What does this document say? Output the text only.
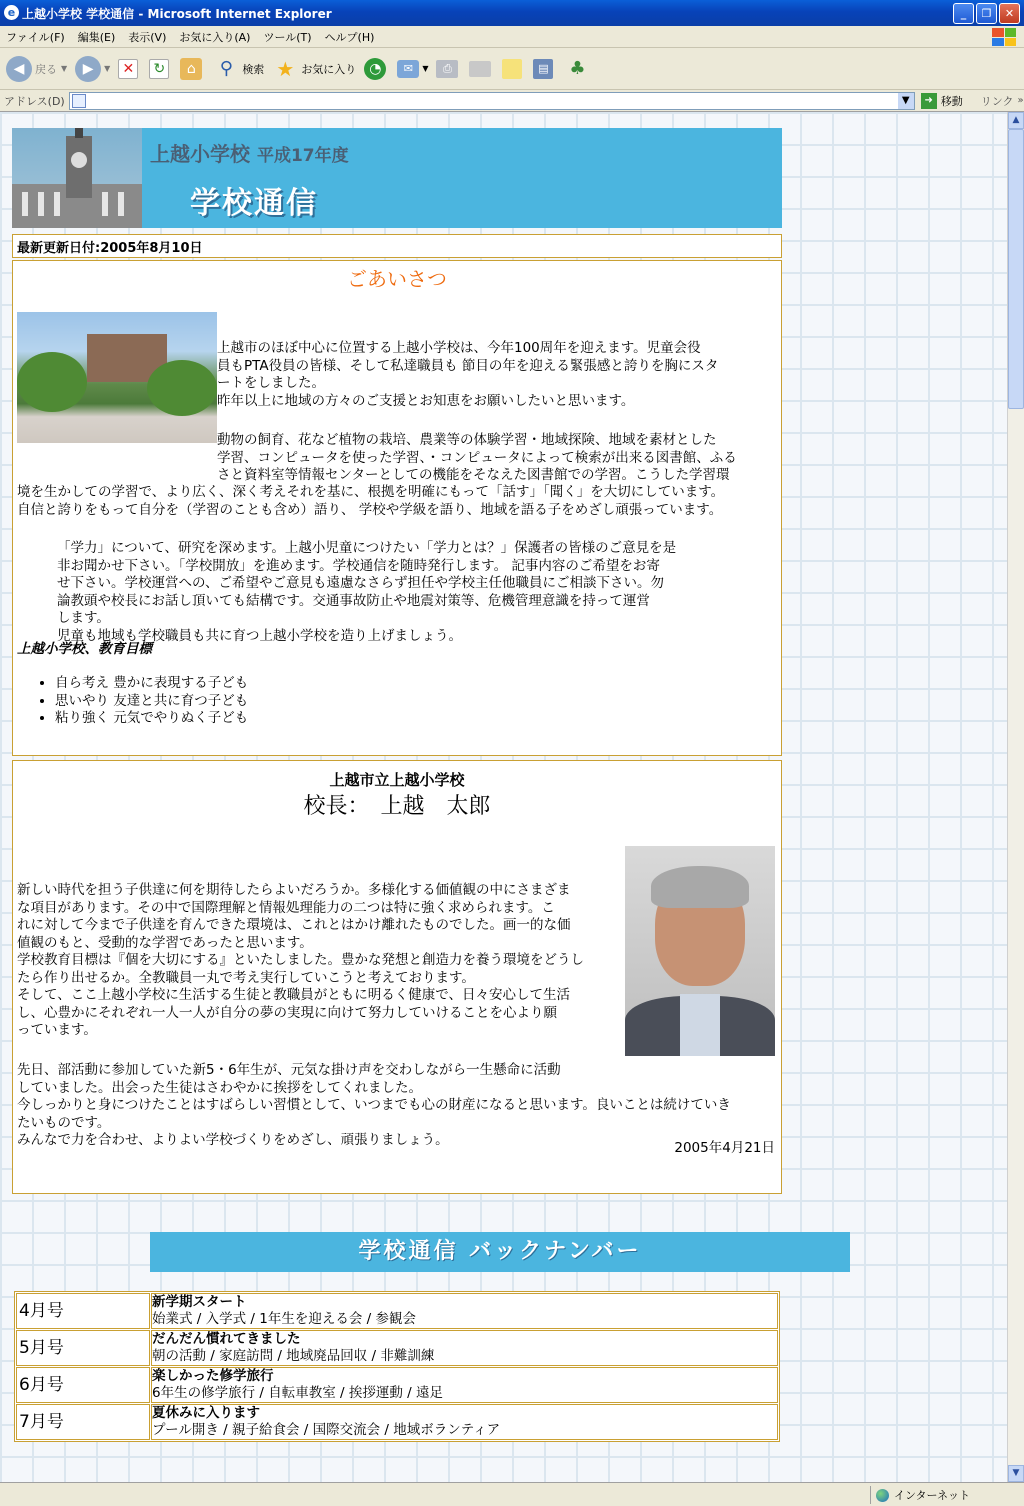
e 上越小学校 学校通信 - Microsoft Internet Explorer	_	❐	✕
ファイル(F) 編集(E) 表示(V) お気に入り(A) ツール(T) ヘルプ(H)
◀ 戻る ▼	▶	▼ ✕ ↻	⌂	⚲ 検索 ★ お気に入り ◔	✉	▼	⎙	▤ ♣
アドレス(D)	▼	➜ 移動 リンク »
上越小学校 平成17年度
学校通信
最新更新日付:2005年8月10日
ごあいさつ

上越市のほぼ中心に位置する上越小学校は、今年100周年を迎えます。児童会役
員もPTA役員の皆様、そして私達職員も 節目の年を迎える緊張感と誇りを胸にスタ
ートをしました。
昨年以上に地域の方々のご支援とお知恵をお願いしたいと思います。

動物の飼育、花など植物の栽培、農業等の体験学習・地域探険、地域を素材とした
学習、コンピュータを使った学習、・コンピュータによって検索が出来る図書館、ふる
さと資料室等情報センターとしての機能をそなえた図書館での学習。こうした学習環

境を生かしての学習で、より広く、深く考えそれを基に、根拠を明確にもって「話す」「聞く」を大切にしています。
自信と誇りをもって自分を（学習のことも含め）語り、 学校や学級を語り、地域を語る子をめざし頑張っています。

「学力」について、研究を深めます。上越小児童につけたい「学力とは？」保護者の皆様のご意見を是
非お聞かせ下さい。「学校開放」を進めます。学校通信を随時発行します。 記事内容のご希望をお寄
せ下さい。学校運営への、ご希望やご意見も遠慮なさらず担任や学校主任他職員にご相談下さい。勿
論教頭や校長にお話し頂いても結構です。交通事故防止や地震対策等、危機管理意識を持って運営
します。
児童も地域も学校職員も共に育つ上越小学校を造り上げましょう。

上越小学校、教育目標
• 自ら考え 豊かに表現する子ども
• 思いやり 友達と共に育つ子ども
• 粘り強く 元気でやりぬく子ども
上越市立上越小学校
校長：　上越　太郎

新しい時代を担う子供達に何を期待したらよいだろうか。多様化する価値観の中にさまざま
な項目があります。その中で国際理解と情報処理能力の二つは特に強く求められます。こ
れに対して今まで子供達を育んできた環境は、これとはかけ離れたものでした。画一的な価
値観のもと、受動的な学習であったと思います。
学校教育目標は『個を大切にする』といたしました。豊かな発想と創造力を養う環境をどうし
たら作り出せるか。全教職員一丸で考え実行していこうと考えております。
そして、ここ上越小学校に生活する生徒と教職員がともに明るく健康で、日々安心して生活
し、心豊かにそれぞれ一人一人が自分の夢の実現に向けて努力していけることを心より願
っています。

先日、部活動に参加していた新5・6年生が、元気な掛け声を交わしながら一生懸命に活動
していました。出会った生徒はさわやかに挨拶をしてくれました。

今しっかりと身につけたことはすばらしい習慣として、いつまでも心の財産になると思います。良いことは続けていき
たいものです。
みんなで力を合わせ、よりよい学校づくりをめざし、頑張りましょう。

	2005年4月21日
学校通信 バックナンバー
4月号	新学期スタート
始業式 / 入学式 / 1年生を迎える会 / 参観会

5月号	だんだん慣れてきました
朝の活動 / 家庭訪問 / 地域廃品回収 / 非難訓練

6月号	楽しかった修学旅行
6年生の修学旅行 / 自転車教室 / 挨拶運動 / 遠足

7月号	夏休みに入ります
プール開き / 親子給食会 / 国際交流会 / 地域ボランティア
▲
▼
インターネット
